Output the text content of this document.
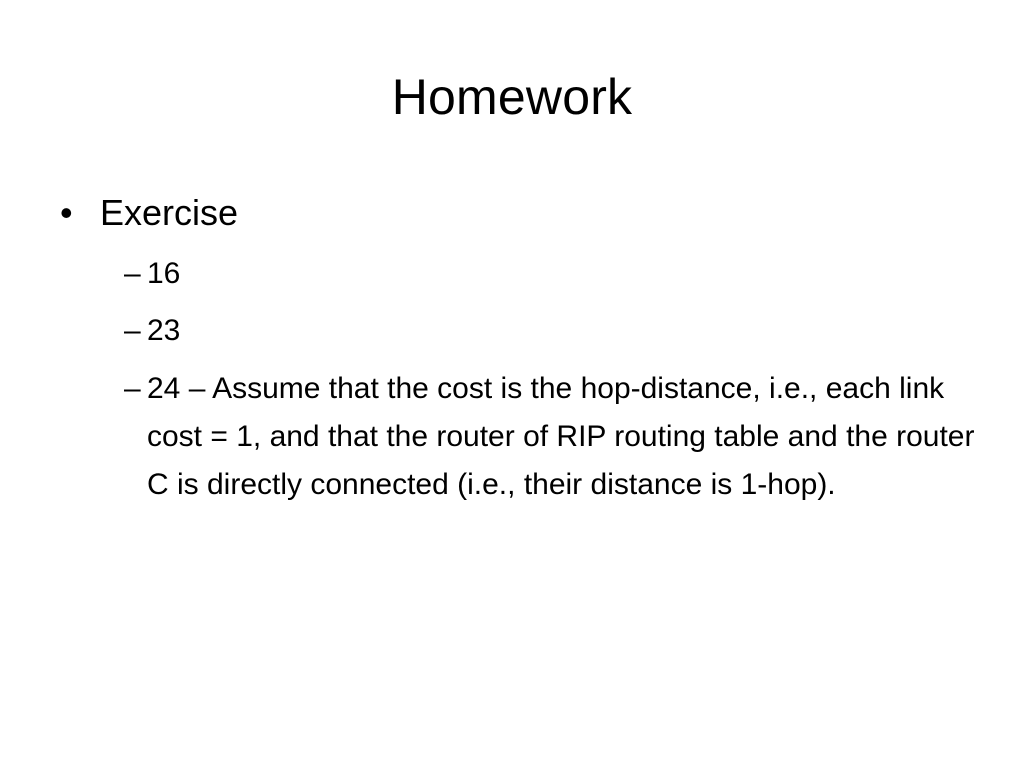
Homework
• Exercise
– 16
– 23
– 24 – Assume that the cost is the hop-distance, i.e., each link cost = 1, and that the router of RIP routing table and the router C is directly connected (i.e., their distance is 1-hop).
